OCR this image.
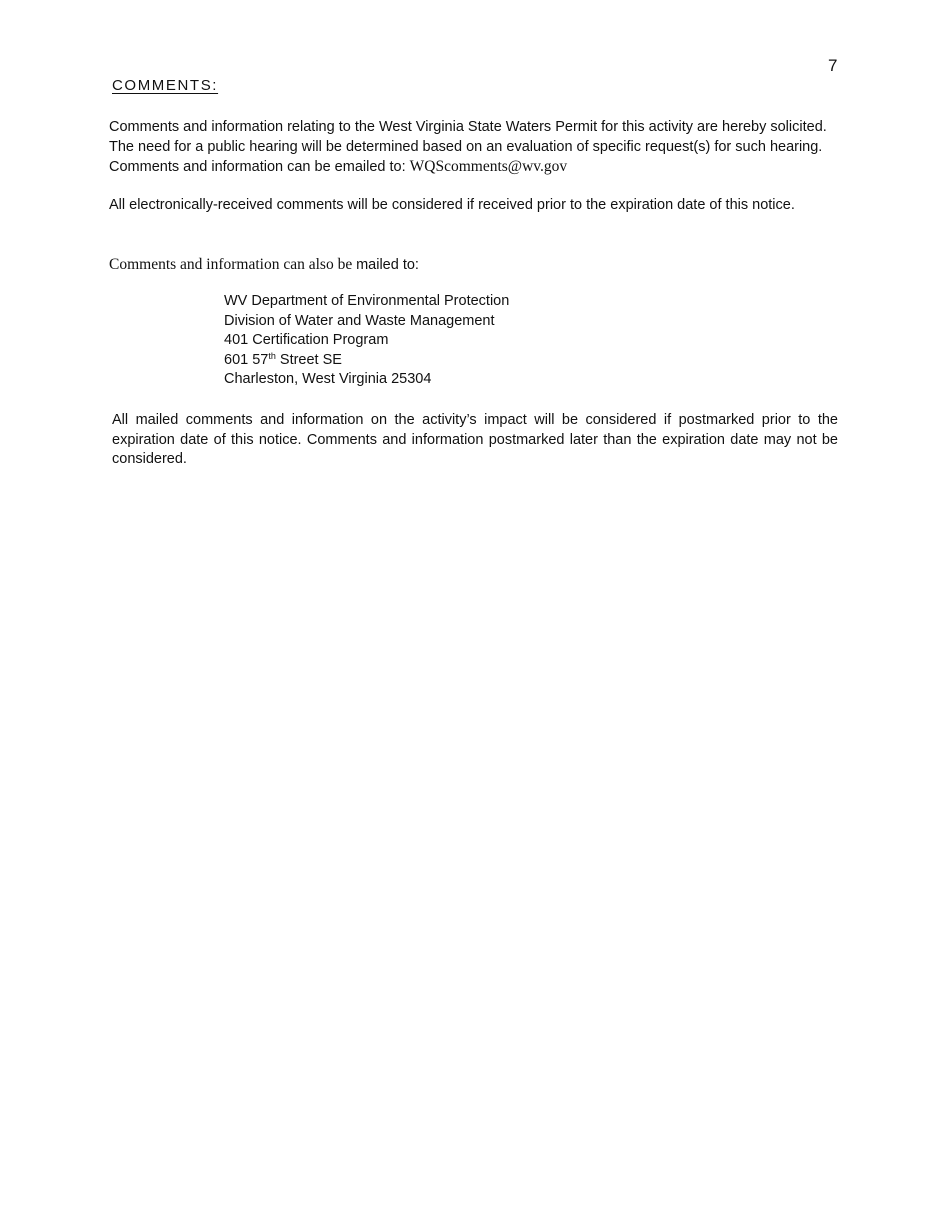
7
COMMENTS:

Comments and information relating to the West Virginia State Waters Permit for this activity are hereby solicited. The need for a public hearing will be determined based on an evaluation of specific request(s) for such hearing. Comments and information can be emailed to: WQScomments@wv.gov

All electronically-received comments will be considered if received prior to the expiration date of this notice.

Comments and information can also be mailed to:

WV Department of Environmental Protection
Division of Water and Waste Management
401 Certification Program
601 57th Street SE
Charleston, West Virginia 25304

All mailed comments and information on the activity’s impact will be considered if postmarked prior to the expiration date of this notice. Comments and information postmarked later than the expiration date may not be considered.
